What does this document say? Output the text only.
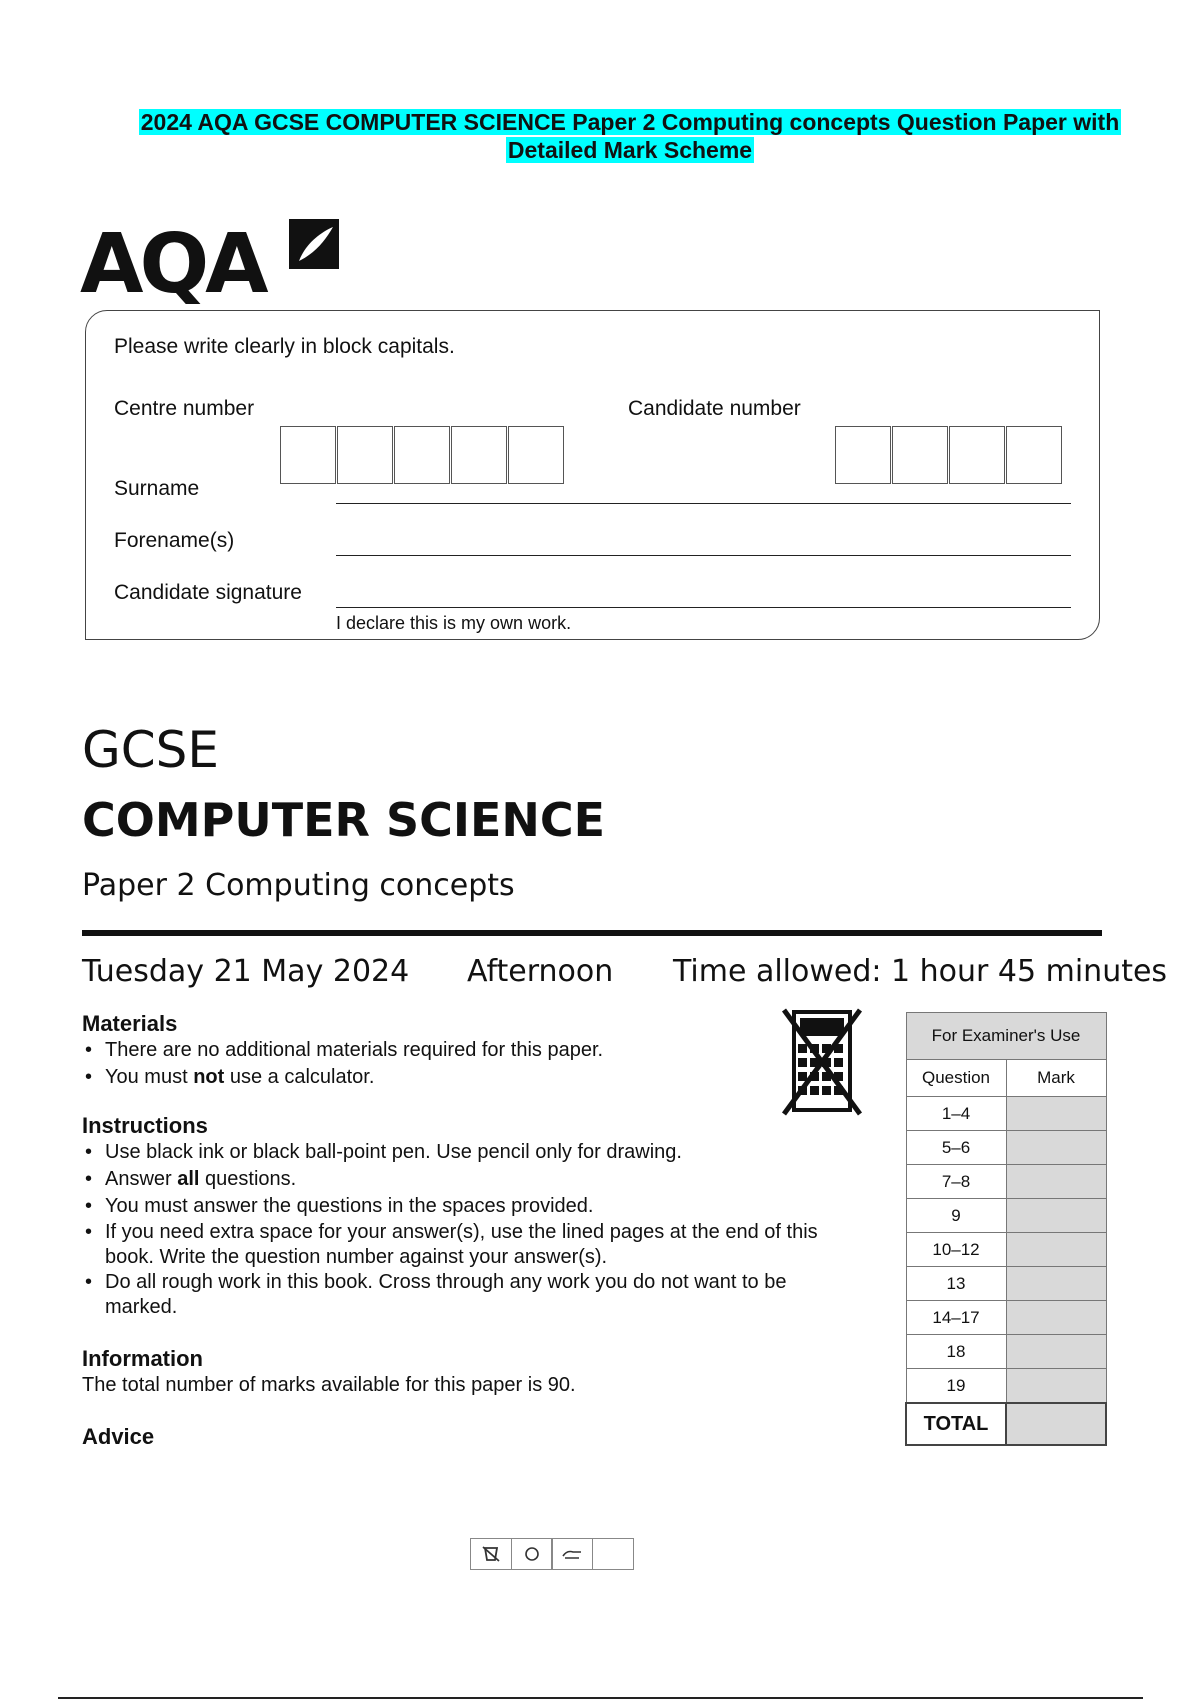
2024 AQA GCSE COMPUTER SCIENCE Paper 2 Computing concepts Question Paper with
Detailed Mark Scheme
AQA
Please write clearly in block capitals.
Centre number	Candidate number
Surname
Forename(s)
Candidate signature
I declare this is my own work.
GCSE
COMPUTER SCIENCE
Paper 2 Computing concepts
Tuesday 21 May 2024 Afternoon Time allowed: 1 hour 45 minutes
Materials
• There are no additional materials required for this paper.
• You must not use a calculator.
Instructions
• Use black ink or black ball-point pen. Use pencil only for drawing.
• Answer all questions.
• You must answer the questions in the spaces provided.
• If you need extra space for your answer(s), use the lined pages at the end of this book. Write the question number against your answer(s).
• Do all rough work in this book. Cross through any work you do not want to be marked.
Information
The total number of marks available for this paper is 90.
Advice
For Examiner's Use	
Question	Mark
1–4	
5–6	
7–8	
9	
10–12	
13	
14–17	
18	
19	
TOTAL	
